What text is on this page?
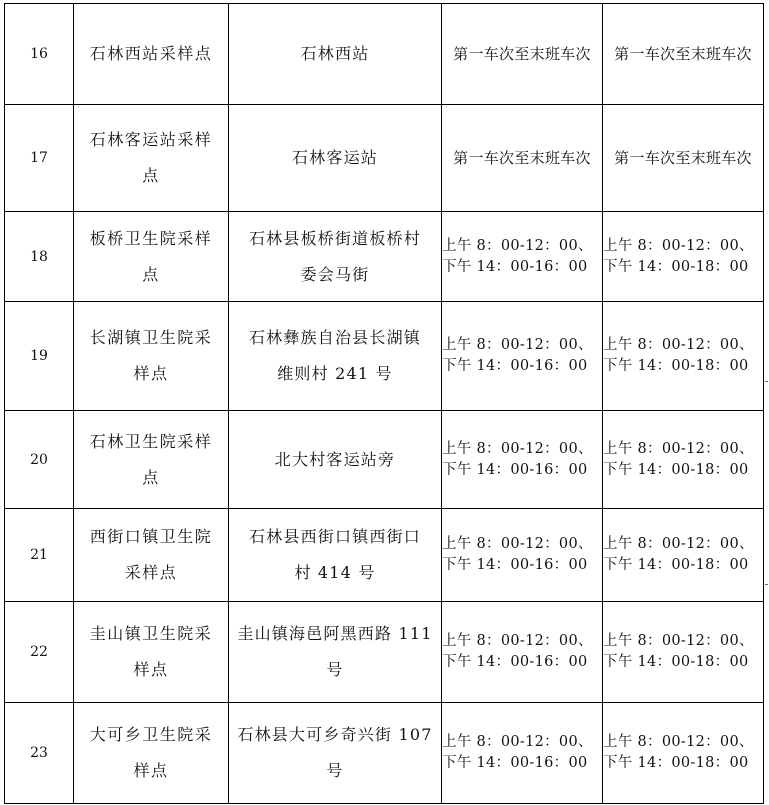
16	石林西站采样点	石林西站	第一车次至末班车次	第一车次至末班车次

17	石林客运站采样
点	石林客运站	第一车次至末班车次	第一车次至末班车次

18	板桥卫生院采样
点	石林县板桥街道板桥村
委会马街	上午 8：00-12：00、
下午 14：00-16：00	上午 8：00-12：00、
下午 14：00-18：00

19	长湖镇卫生院采
样点	石林彝族自治县长湖镇
维则村 241 号	上午 8：00-12：00、
下午 14：00-16：00	上午 8：00-12：00、
下午 14：00-18：00

20	石林卫生院采样
点	北大村客运站旁	上午 8：00-12：00、
下午 14：00-16：00	上午 8：00-12：00、
下午 14：00-18：00

21	西街口镇卫生院
采样点	石林县西街口镇西街口
村 414 号	上午 8：00-12：00、
下午 14：00-16：00	上午 8：00-12：00、
下午 14：00-18：00

22	圭山镇卫生院采
样点	圭山镇海邑阿黑西路 111
号	上午 8：00-12：00、
下午 14：00-16：00	上午 8：00-12：00、
下午 14：00-18：00

23	大可乡卫生院采
样点	石林县大可乡奇兴街 107
号	上午 8：00-12：00、
下午 14：00-16：00	上午 8：00-12：00、
下午 14：00-18：00
